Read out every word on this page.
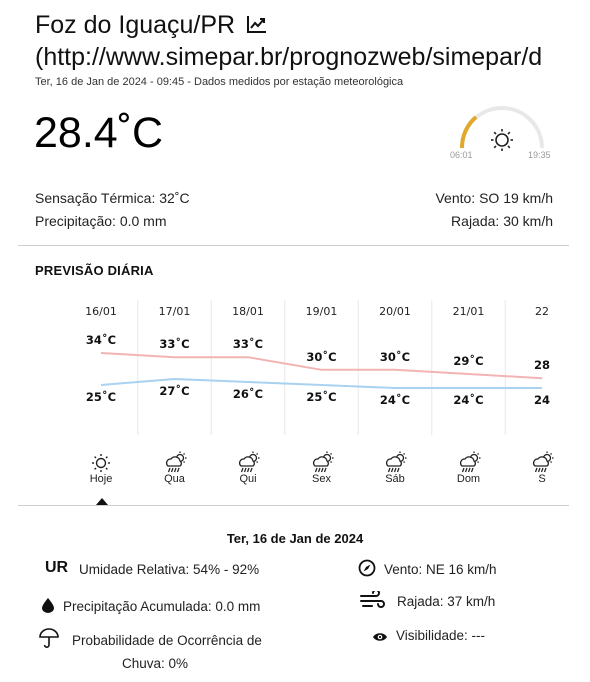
Foz do Iguaçu/PR
(http://www.simepar.br/prognozweb/simepar/d
Ter, 16 de Jan de 2024 - 09:45 - Dados medidos por estação meteorológica
28.4˚C	06:01	19:35
Sensação Térmica: 32˚C
Precipitação: 0.0 mm
Vento: SO 19 km/h
Rajada: 30 km/h
PREVISÃO DIÁRIA
16/01
34˚C
25˚C
Hoje
17/01
33˚C
27˚C
Qua
18/01
33˚C
26˚C
Qui
19/01
30˚C
25˚C
Sex
20/01
30˚C
24˚C
Sáb
21/01
29˚C
24˚C
Dom
22
28
24
S
Ter, 16 de Jan de 2024
UR Umidade Relativa: 54% - 92%
Precipitação Acumulada: 0.0 mm
Probabilidade de Ocorrência de
Chuva: 0%
Vento: NE 16 km/h
Rajada: 37 km/h
Visibilidade: ---
